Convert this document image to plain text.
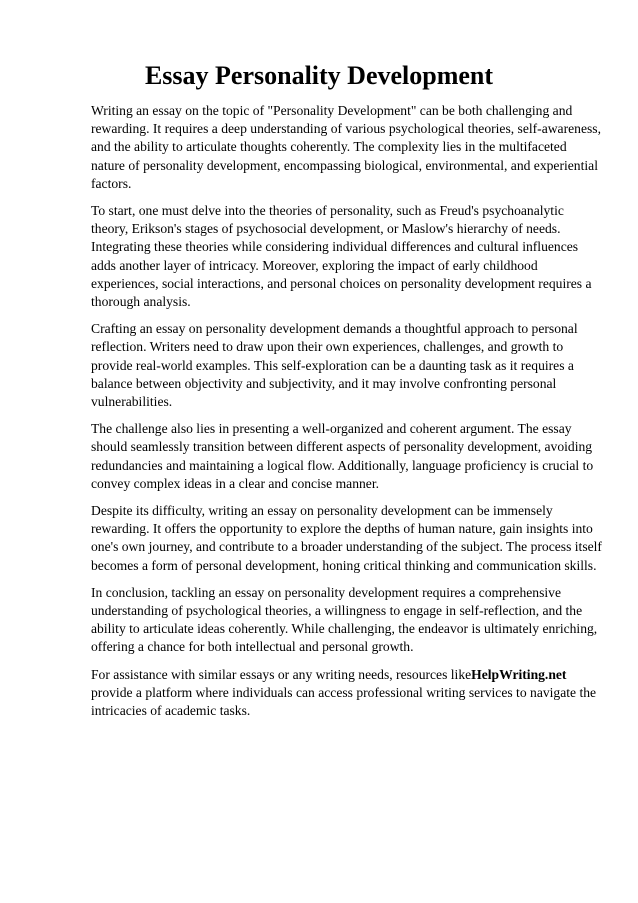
Essay Personality Development

Writing an essay on the topic of "Personality Development" can be both challenging and rewarding. It requires a deep understanding of various psychological theories, self-awareness, and the ability to articulate thoughts coherently. The complexity lies in the multifaceted nature of personality development, encompassing biological, environmental, and experiential factors.

To start, one must delve into the theories of personality, such as Freud's psychoanalytic theory, Erikson's stages of psychosocial development, or Maslow's hierarchy of needs. Integrating these theories while considering individual differences and cultural influences adds another layer of intricacy. Moreover, exploring the impact of early childhood experiences, social interactions, and personal choices on personality development requires a thorough analysis.

Crafting an essay on personality development demands a thoughtful approach to personal reflection. Writers need to draw upon their own experiences, challenges, and growth to provide real-world examples. This self-exploration can be a daunting task as it requires a balance between objectivity and subjectivity, and it may involve confronting personal vulnerabilities.

The challenge also lies in presenting a well-organized and coherent argument. The essay should seamlessly transition between different aspects of personality development, avoiding redundancies and maintaining a logical flow. Additionally, language proficiency is crucial to convey complex ideas in a clear and concise manner.

Despite its difficulty, writing an essay on personality development can be immensely rewarding. It offers the opportunity to explore the depths of human nature, gain insights into one's own journey, and contribute to a broader understanding of the subject. The process itself becomes a form of personal development, honing critical thinking and communication skills.

In conclusion, tackling an essay on personality development requires a comprehensive understanding of psychological theories, a willingness to engage in self-reflection, and the ability to articulate ideas coherently. While challenging, the endeavor is ultimately enriching, offering a chance for both intellectual and personal growth.

For assistance with similar essays or any writing needs, resources likeHelpWriting.net provide a platform where individuals can access professional writing services to navigate the intricacies of academic tasks.
